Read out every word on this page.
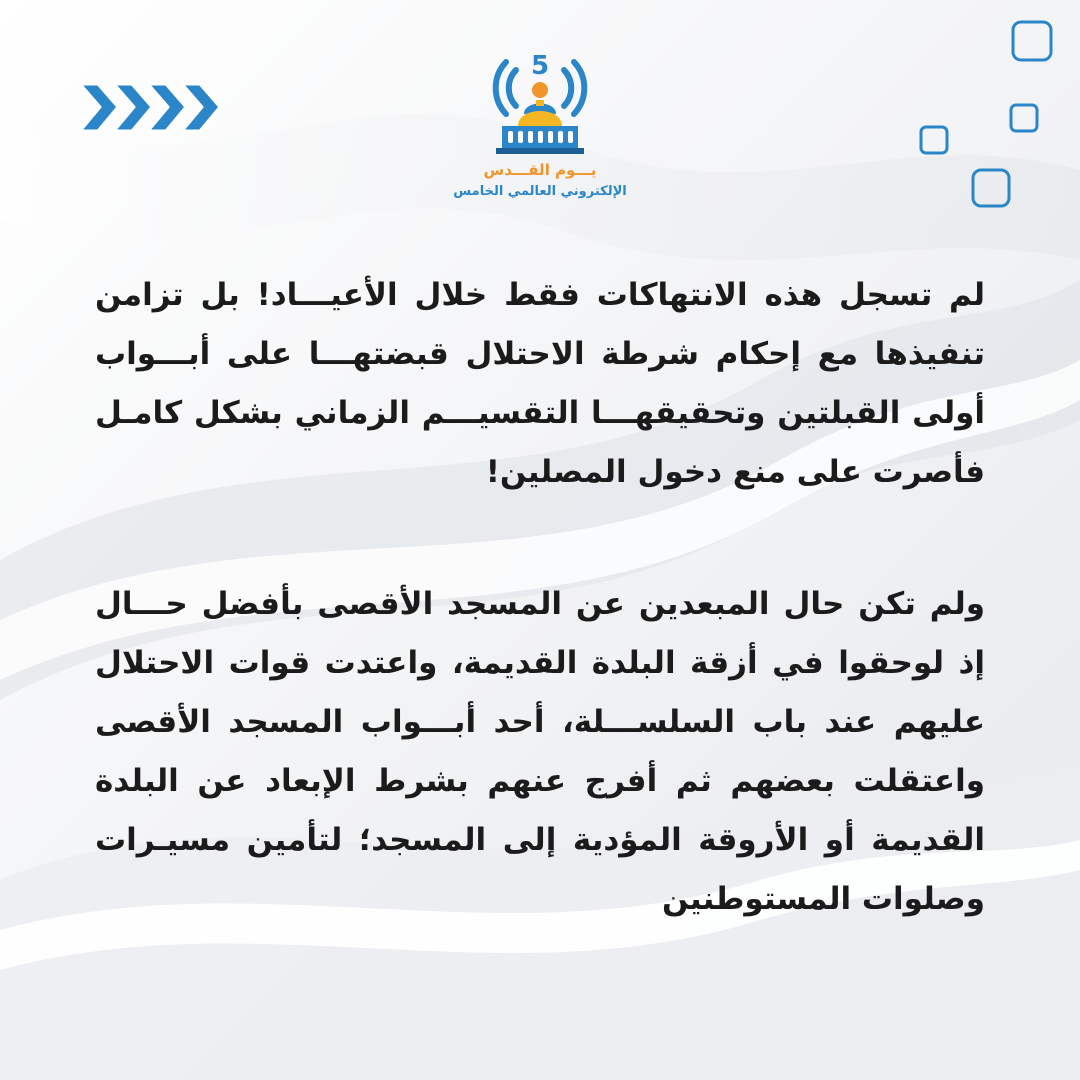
5
يـــوم القـــدس
الإلكتروني العالمي الخامس

لم تسجل هذه الانتهاكات فقط خلال الأعيـــاد! بل تزامن تنفيذها مع إحكام شرطة الاحتلال قبضتهـــا على أبـــواب أولى القبلتين وتحقيقهـــا التقسيـــم الزماني بشكل كامـل فأصرت على منع دخول المصلين!

ولم تكن حال المبعدين عن المسجد الأقصى بأفضل حـــال إذ لوحقوا في أزقة البلدة القديمة، واعتدت قوات الاحتلال عليهم عند باب السلســـلة، أحد أبـــواب المسجد الأقصى واعتقلت بعضهم ثم أفرج عنهم بشرط الإبعاد عن البلدة القديمة أو الأروقة المؤدية إلى المسجد؛ لتأمين مسيـرات وصلوات المستوطنين
